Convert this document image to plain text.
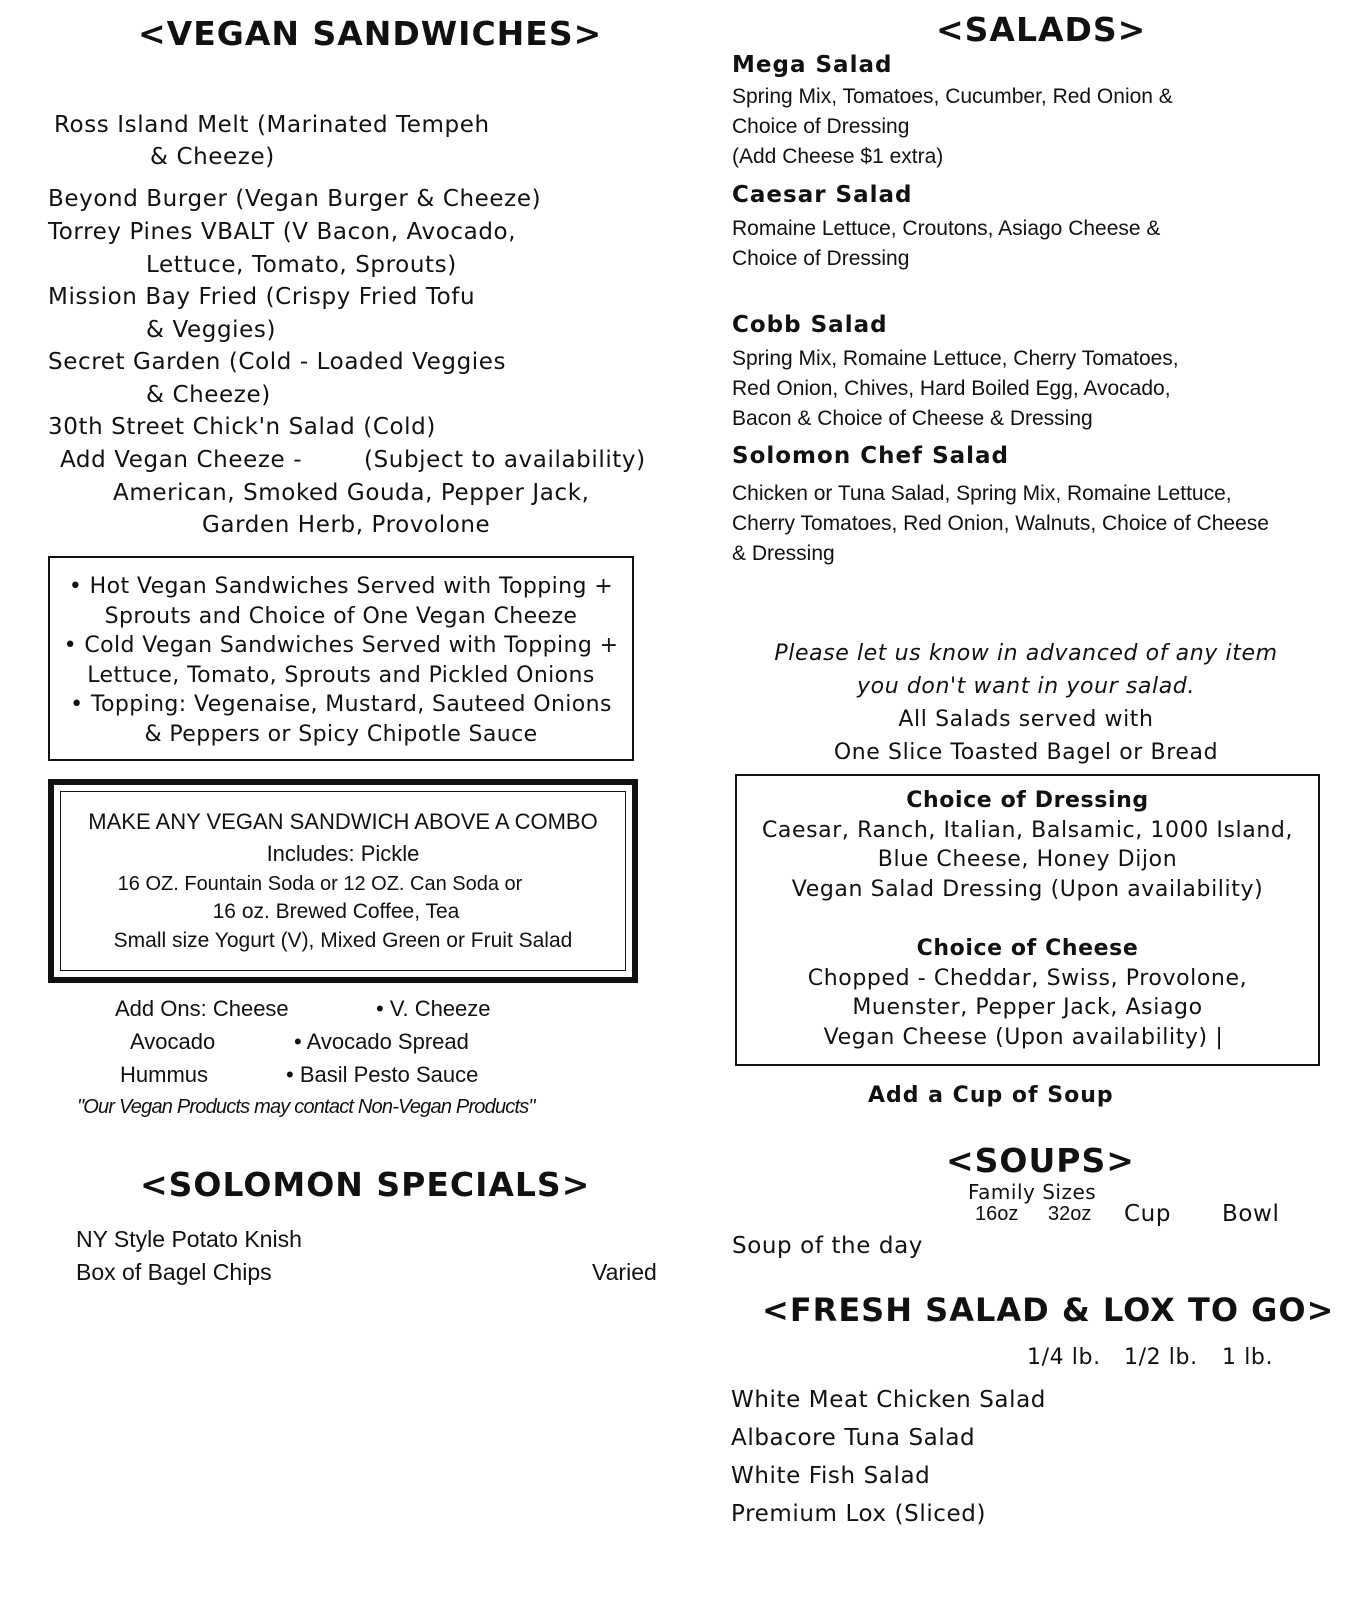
<VEGAN SANDWICHES>
Ross Island Melt (Marinated Tempeh
& Cheeze)
Beyond Burger (Vegan Burger & Cheeze)
Torrey Pines VBALT (V Bacon, Avocado,
Lettuce, Tomato, Sprouts)
Mission Bay Fried (Crispy Fried Tofu
& Veggies)
Secret Garden (Cold - Loaded Veggies
& Cheeze)
30th Street Chick'n Salad (Cold)
Add Vegan Cheeze -	(Subject to availability)
American, Smoked Gouda, Pepper Jack,
Garden Herb, Provolone
• Hot Vegan Sandwiches Served with Topping +
Sprouts and Choice of One Vegan Cheeze
• Cold Vegan Sandwiches Served with Topping +
Lettuce, Tomato, Sprouts and Pickled Onions
• Topping: Vegenaise, Mustard, Sauteed Onions
& Peppers or Spicy Chipotle Sauce
MAKE ANY VEGAN SANDWICH ABOVE A COMBO
Includes: Pickle
16 OZ. Fountain Soda or 12 OZ. Can Soda or
16 oz. Brewed Coffee, Tea
Small size Yogurt (V), Mixed Green or Fruit Salad
Add Ons: Cheese	• V. Cheeze
Avocado	• Avocado Spread
Hummus	• Basil Pesto Sauce
"Our Vegan Products may contact Non-Vegan Products"
<SOLOMON SPECIALS>
NY Style Potato Knish
Box of Bagel Chips	Varied
<SALADS>
Mega Salad
Spring Mix, Tomatoes, Cucumber, Red Onion &
Choice of Dressing
(Add Cheese $1 extra)
Caesar Salad
Romaine Lettuce, Croutons, Asiago Cheese &
Choice of Dressing
Cobb Salad
Spring Mix, Romaine Lettuce, Cherry Tomatoes,
Red Onion, Chives, Hard Boiled Egg, Avocado,
Bacon & Choice of Cheese & Dressing
Solomon Chef Salad
Chicken or Tuna Salad, Spring Mix, Romaine Lettuce,
Cherry Tomatoes, Red Onion, Walnuts, Choice of Cheese
& Dressing
Please let us know in advanced of any item
you don't want in your salad.
All Salads served with
One Slice Toasted Bagel or Bread
Choice of Dressing
Caesar, Ranch, Italian, Balsamic, 1000 Island,
Blue Cheese, Honey Dijon
Vegan Salad Dressing (Upon availability)
Choice of Cheese
Chopped - Cheddar, Swiss, Provolone,
Muenster, Pepper Jack, Asiago
Vegan Cheese (Upon availability) |
Add a Cup of Soup
<SOUPS>
Family Sizes
16oz 32oz Cup Bowl
Soup of the day
<FRESH SALAD & LOX TO GO>
1/4 lb. 1/2 lb. 1 lb.
White Meat Chicken Salad
Albacore Tuna Salad
White Fish Salad
Premium Lox (Sliced)
